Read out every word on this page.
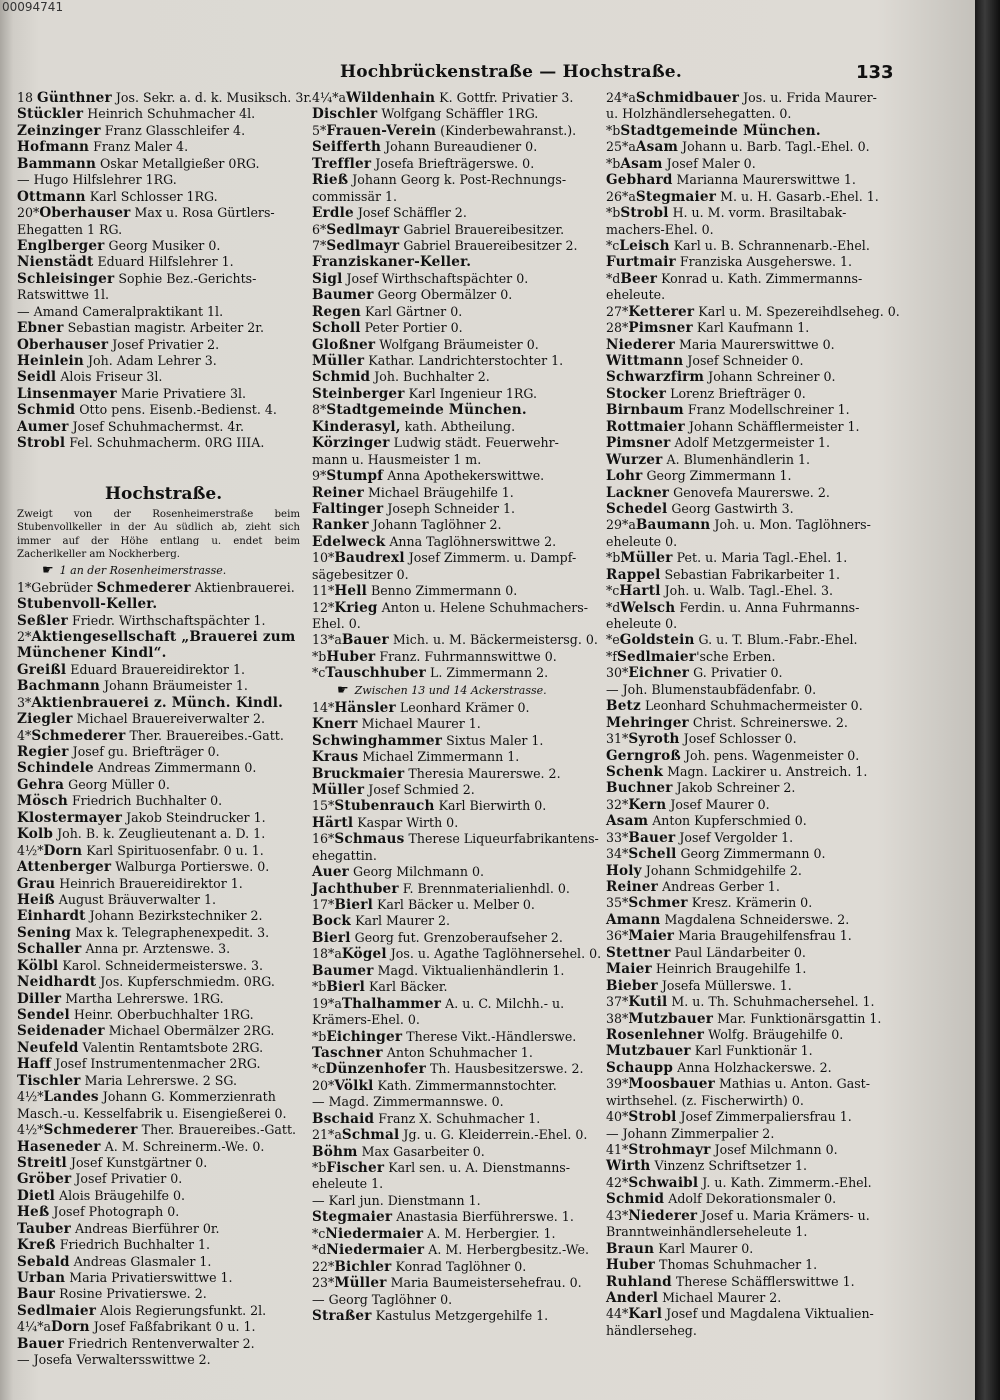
00094741
Hochbrückenstraße — Hochstraße.	133
18 Günthner Jos. Sekr. a. d. k. Musiksch. 3r.
Stückler Heinrich Schuhmacher 4l.
Zeinzinger Franz Glasschleifer 4.
Hofmann Franz Maler 4.
Bammann Oskar Metallgießer 0RG.
— Hugo Hilfslehrer 1RG.
Ottmann Karl Schlosser 1RG.
20*Oberhauser Max u. Rosa Gürtlers-
Ehegatten 1 RG.
Englberger Georg Musiker 0.
Nienstädt Eduard Hilfslehrer 1.
Schleisinger Sophie Bez.-Gerichts-
Ratswittwe 1l.
— Amand Cameralpraktikant 1l.
Ebner Sebastian magistr. Arbeiter 2r.
Oberhauser Josef Privatier 2.
Heinlein Joh. Adam Lehrer 3.
Seidl Alois Friseur 3l.
Linsenmayer Marie Privatiere 3l.
Schmid Otto pens. Eisenb.-Bedienst. 4.
Aumer Josef Schuhmachermst. 4r.
Strobl Fel. Schuhmacherm. 0RG IIIA.
Hochstraße.
Zweigt von der Rosenheimerstraße beim Stubenvollkeller in der Au südlich ab, zieht sich immer auf der Höhe entlang u. endet beim Zacherlkeller am Nockherberg.
☛ 1 an der Rosenheimerstrasse.
1*Gebrüder Schmederer Aktienbrauerei.
Stubenvoll-Keller.
Seßler Friedr. Wirthschaftspächter 1.
2*Aktiengesellschaft „Brauerei zum
Münchener Kindl“.
Greißl Eduard Brauereidirektor 1.
Bachmann Johann Bräumeister 1.
3*Aktienbrauerei z. Münch. Kindl.
Ziegler Michael Brauereiverwalter 2.
4*Schmederer Ther. Brauereibes.-Gatt.
Regier Josef gu. Briefträger 0.
Schindele Andreas Zimmermann 0.
Gehra Georg Müller 0.
Mösch Friedrich Buchhalter 0.
Klostermayer Jakob Steindrucker 1.
Kolb Joh. B. k. Zeuglieutenant a. D. 1.
4½*Dorn Karl Spirituosenfabr. 0 u. 1.
Attenberger Walburga Portierswe. 0.
Grau Heinrich Brauereidirektor 1.
Heiß August Bräuverwalter 1.
Einhardt Johann Bezirkstechniker 2.
Sening Max k. Telegraphenexpedit. 3.
Schaller Anna pr. Arztenswe. 3.
Kölbl Karol. Schneidermeisterswe. 3.
Neidhardt Jos. Kupferschmiedm. 0RG.
Diller Martha Lehrerswe. 1RG.
Sendel Heinr. Oberbuchhalter 1RG.
Seidenader Michael Obermälzer 2RG.
Neufeld Valentin Rentamtsbote 2RG.
Haff Josef Instrumentenmacher 2RG.
Tischler Maria Lehrerswe. 2 SG.
4½*Landes Johann G. Kommerzienrath
Masch.-u. Kesselfabrik u. Eisengießerei 0.
4½*Schmederer Ther. Brauereibes.-Gatt.
Haseneder A. M. Schreinerm.-We. 0.
Streitl Josef Kunstgärtner 0.
Gröber Josef Privatier 0.
Dietl Alois Bräugehilfe 0.
Heß Josef Photograph 0.
Tauber Andreas Bierführer 0r.
Kreß Friedrich Buchhalter 1.
Sebald Andreas Glasmaler 1.
Urban Maria Privatierswittwe 1.
Baur Rosine Privatierswe. 2.
Sedlmaier Alois Regierungsfunkt. 2l.
4¼*aDorn Josef Faßfabrikant 0 u. 1.
Bauer Friedrich Rentenverwalter 2.
— Josefa Verwaltersswittwe 2.
4¼*aWildenhain K. Gottfr. Privatier 3.
Dischler Wolfgang Schäffler 1RG.
5*Frauen-Verein (Kinderbewahranst.).
Seifferth Johann Bureaudiener 0.
Treffler Josefa Briefträgerswe. 0.
Rieß Johann Georg k. Post-Rechnungs-
commissär 1.
Erdle Josef Schäffler 2.
6*Sedlmayr Gabriel Brauereibesitzer.
7*Sedlmayr Gabriel Brauereibesitzer 2.
Franziskaner-Keller.
Sigl Josef Wirthschaftspächter 0.
Baumer Georg Obermälzer 0.
Regen Karl Gärtner 0.
Scholl Peter Portier 0.
Gloßner Wolfgang Bräumeister 0.
Müller Kathar. Landrichterstochter 1.
Schmid Joh. Buchhalter 2.
Steinberger Karl Ingenieur 1RG.
8*Stadtgemeinde München.
Kinderasyl, kath. Abtheilung.
Körzinger Ludwig städt. Feuerwehr-
mann u. Hausmeister 1 m.
9*Stumpf Anna Apothekerswittwe.
Reiner Michael Bräugehilfe 1.
Faltinger Joseph Schneider 1.
Ranker Johann Taglöhner 2.
Edelweck Anna Taglöhnerswittwe 2.
10*Baudrexl Josef Zimmerm. u. Dampf-
sägebesitzer 0.
11*Hell Benno Zimmermann 0.
12*Krieg Anton u. Helene Schuhmachers-
Ehel. 0.
13*aBauer Mich. u. M. Bäckermeistersg. 0.
*bHuber Franz. Fuhrmannswittwe 0.
*cTauschhuber L. Zimmermann 2.
☛ Zwischen 13 und 14 Ackerstrasse.
14*Hänsler Leonhard Krämer 0.
Knerr Michael Maurer 1.
Schwinghammer Sixtus Maler 1.
Kraus Michael Zimmermann 1.
Bruckmaier Theresia Maurerswe. 2.
Müller Josef Schmied 2.
15*Stubenrauch Karl Bierwirth 0.
Härtl Kaspar Wirth 0.
16*Schmaus Therese Liqueurfabrikantens-
ehegattin.
Auer Georg Milchmann 0.
Jachthuber F. Brennmaterialienhdl. 0.
17*Bierl Karl Bäcker u. Melber 0.
Bock Karl Maurer 2.
Bierl Georg fut. Grenzoberaufseher 2.
18*aKögel Jos. u. Agathe Taglöhnersehel. 0.
Baumer Magd. Viktualienhändlerin 1.
*bBierl Karl Bäcker.
19*aThalhammer A. u. C. Milchh.- u.
Krämers-Ehel. 0.
*bEichinger Therese Vikt.-Händlerswe.
Taschner Anton Schuhmacher 1.
*cDünzenhofer Th. Hausbesitzerswe. 2.
20*Völkl Kath. Zimmermannstochter.
— Magd. Zimmermannswe. 0.
Bschaid Franz X. Schuhmacher 1.
21*aSchmal Jg. u. G. Kleiderrein.-Ehel. 0.
Böhm Max Gasarbeiter 0.
*bFischer Karl sen. u. A. Dienstmanns-
eheleute 1.
— Karl jun. Dienstmann 1.
Stegmaier Anastasia Bierführerswe. 1.
*cNiedermaier A. M. Herbergier. 1.
*dNiedermaier A. M. Herbergbesitz.-We.
22*Bichler Konrad Taglöhner 0.
23*Müller Maria Baumeistersehefrau. 0.
— Georg Taglöhner 0.
Straßer Kastulus Metzgergehilfe 1.
24*aSchmidbauer Jos. u. Frida Maurer-
u. Holzhändlersehegatten. 0.
*bStadtgemeinde München.
25*aAsam Johann u. Barb. Tagl.-Ehel. 0.
*bAsam Josef Maler 0.
Gebhard Marianna Maurerswittwe 1.
26*aStegmaier M. u. H. Gasarb.-Ehel. 1.
*bStrobl H. u. M. vorm. Brasiltabak-
machers-Ehel. 0.
*cLeisch Karl u. B. Schrannenarb.-Ehel.
Furtmair Franziska Ausgeherswe. 1.
*dBeer Konrad u. Kath. Zimmermanns-
eheleute.
27*Ketterer Karl u. M. Spezereihdlseheg. 0.
28*Pimsner Karl Kaufmann 1.
Niederer Maria Maurerswittwe 0.
Wittmann Josef Schneider 0.
Schwarzfirm Johann Schreiner 0.
Stocker Lorenz Briefträger 0.
Birnbaum Franz Modellschreiner 1.
Rottmaier Johann Schäfflermeister 1.
Pimsner Adolf Metzgermeister 1.
Wurzer A. Blumenhändlerin 1.
Lohr Georg Zimmermann 1.
Lackner Genovefa Maurerswe. 2.
Schedel Georg Gastwirth 3.
29*aBaumann Joh. u. Mon. Taglöhners-
eheleute 0.
*bMüller Pet. u. Maria Tagl.-Ehel. 1.
Rappel Sebastian Fabrikarbeiter 1.
*cHartl Joh. u. Walb. Tagl.-Ehel. 3.
*dWelsch Ferdin. u. Anna Fuhrmanns-
eheleute 0.
*eGoldstein G. u. T. Blum.-Fabr.-Ehel.
*fSedlmaier'sche Erben.
30*Eichner G. Privatier 0.
— Joh. Blumenstaubfädenfabr. 0.
Betz Leonhard Schuhmachermeister 0.
Mehringer Christ. Schreinerswe. 2.
31*Syroth Josef Schlosser 0.
Gerngroß Joh. pens. Wagenmeister 0.
Schenk Magn. Lackirer u. Anstreich. 1.
Buchner Jakob Schreiner 2.
32*Kern Josef Maurer 0.
Asam Anton Kupferschmied 0.
33*Bauer Josef Vergolder 1.
34*Schell Georg Zimmermann 0.
Holy Johann Schmidgehilfe 2.
Reiner Andreas Gerber 1.
35*Schmer Kresz. Krämerin 0.
Amann Magdalena Schneiderswe. 2.
36*Maier Maria Braugehilfensfrau 1.
Stettner Paul Ländarbeiter 0.
Maier Heinrich Braugehilfe 1.
Bieber Josefa Müllerswe. 1.
37*Kutil M. u. Th. Schuhmachersehel. 1.
38*Mutzbauer Mar. Funktionärsgattin 1.
Rosenlehner Wolfg. Bräugehilfe 0.
Mutzbauer Karl Funktionär 1.
Schaupp Anna Holzhackerswe. 2.
39*Moosbauer Mathias u. Anton. Gast-
wirthsehel. (z. Fischerwirth) 0.
40*Strobl Josef Zimmerpaliersfrau 1.
— Johann Zimmerpalier 2.
41*Strohmayr Josef Milchmann 0.
Wirth Vinzenz Schriftsetzer 1.
42*Schwaibl J. u. Kath. Zimmerm.-Ehel.
Schmid Adolf Dekorationsmaler 0.
43*Niederer Josef u. Maria Krämers- u.
Branntweinhändlerseheleute 1.
Braun Karl Maurer 0.
Huber Thomas Schuhmacher 1.
Ruhland Therese Schäfflerswittwe 1.
Anderl Michael Maurer 2.
44*Karl Josef und Magdalena Viktualien-
händlerseheg.
